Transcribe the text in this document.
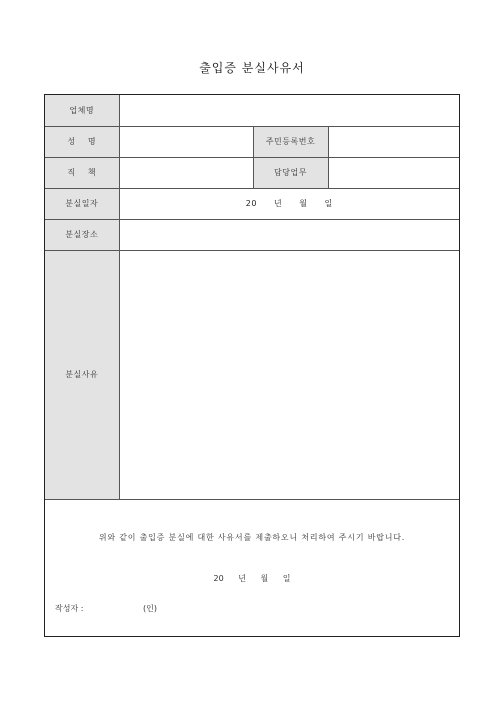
출입증 분실사유서
업체명			
성    명		주민등록번호	
직    책		담당업무	
분실일자	20 년 월 일		
분실장소			
분실사유			
위와 같이 출입증 분실에 대한 사유서를 제출하오니 처리하여 주시기 바랍니다.
20 년 월 일
작성자 :	(인)
